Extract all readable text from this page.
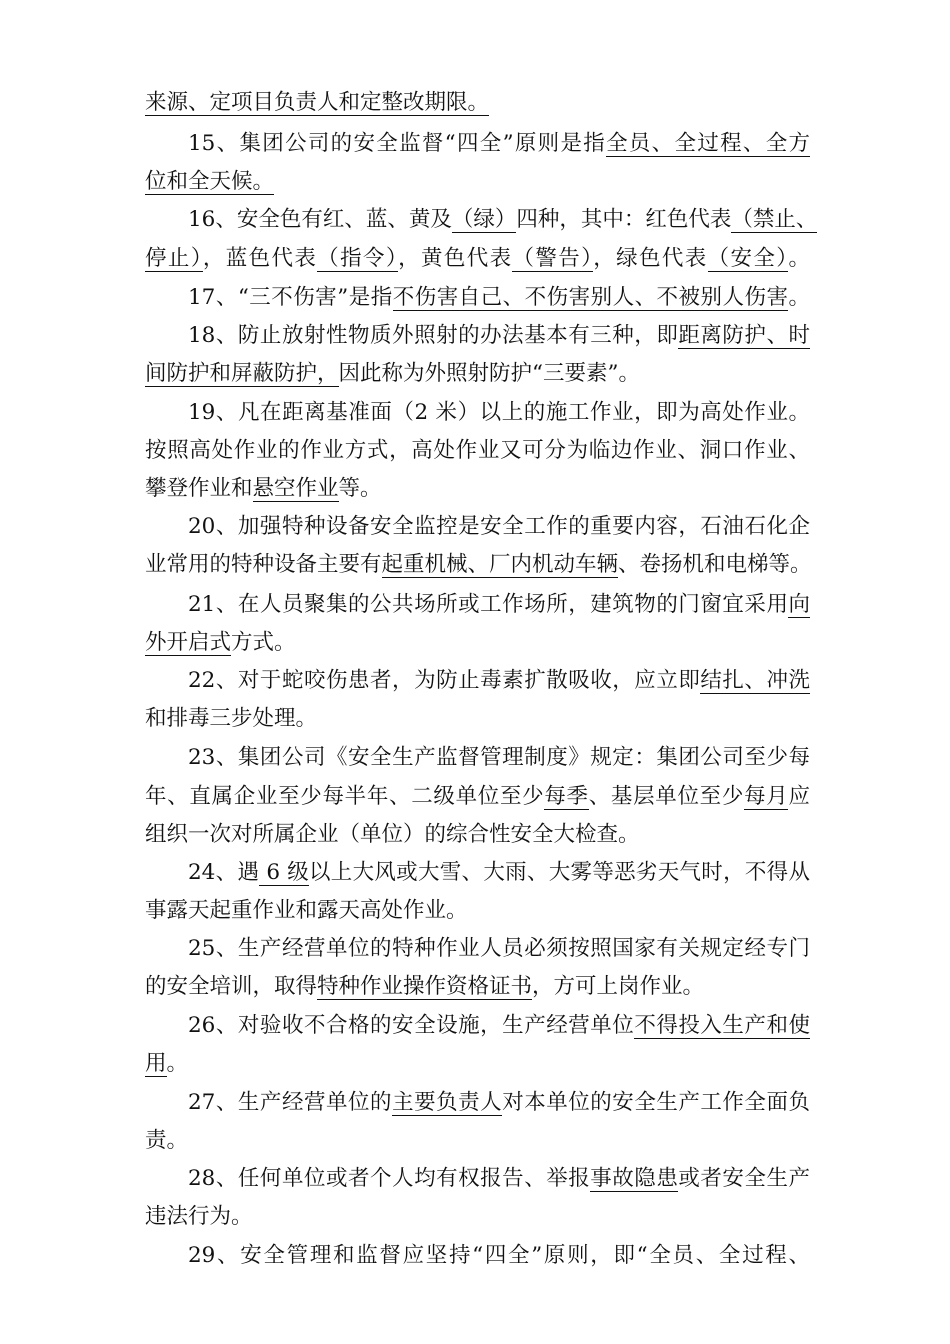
来源、定项目负责人和定整改期限。
15、集团公司的安全监督“四全”原则是指全员、全过程、全方
位和全天候。
16、安全色有红、蓝、黄及（绿）四种，其中：红色代表（禁止、
停止），蓝色代表（指令），黄色代表（警告），绿色代表（安全）。
17、“三不伤害”是指不伤害自己、不伤害别人、不被别人伤害。
18、防止放射性物质外照射的办法基本有三种，即距离防护、时
间防护和屏蔽防护，因此称为外照射防护“三要素”。
19、凡在距离基准面（2 米）以上的施工作业，即为高处作业。
按照高处作业的作业方式，高处作业又可分为临边作业、洞口作业、
攀登作业和悬空作业等。
20、加强特种设备安全监控是安全工作的重要内容，石油石化企
业常用的特种设备主要有起重机械、厂内机动车辆、卷扬机和电梯等。
21、在人员聚集的公共场所或工作场所，建筑物的门窗宜采用向
外开启式方式。
22、对于蛇咬伤患者，为防止毒素扩散吸收，应立即结扎、冲洗
和排毒三步处理。
23、集团公司《安全生产监督管理制度》规定：集团公司至少每
年、直属企业至少每半年、二级单位至少每季、基层单位至少每月应
组织一次对所属企业（单位）的综合性安全大检查。
24、遇 6 级以上大风或大雪、大雨、大雾等恶劣天气时，不得从
事露天起重作业和露天高处作业。
25、生产经营单位的特种作业人员必须按照国家有关规定经专门
的安全培训，取得特种作业操作资格证书，方可上岗作业。
26、对验收不合格的安全设施，生产经营单位不得投入生产和使
用。
27、生产经营单位的主要负责人对本单位的安全生产工作全面负
责。
28、任何单位或者个人均有权报告、举报事故隐患或者安全生产
违法行为。
29、安全管理和监督应坚持“四全”原则，即“全员、全过程、
